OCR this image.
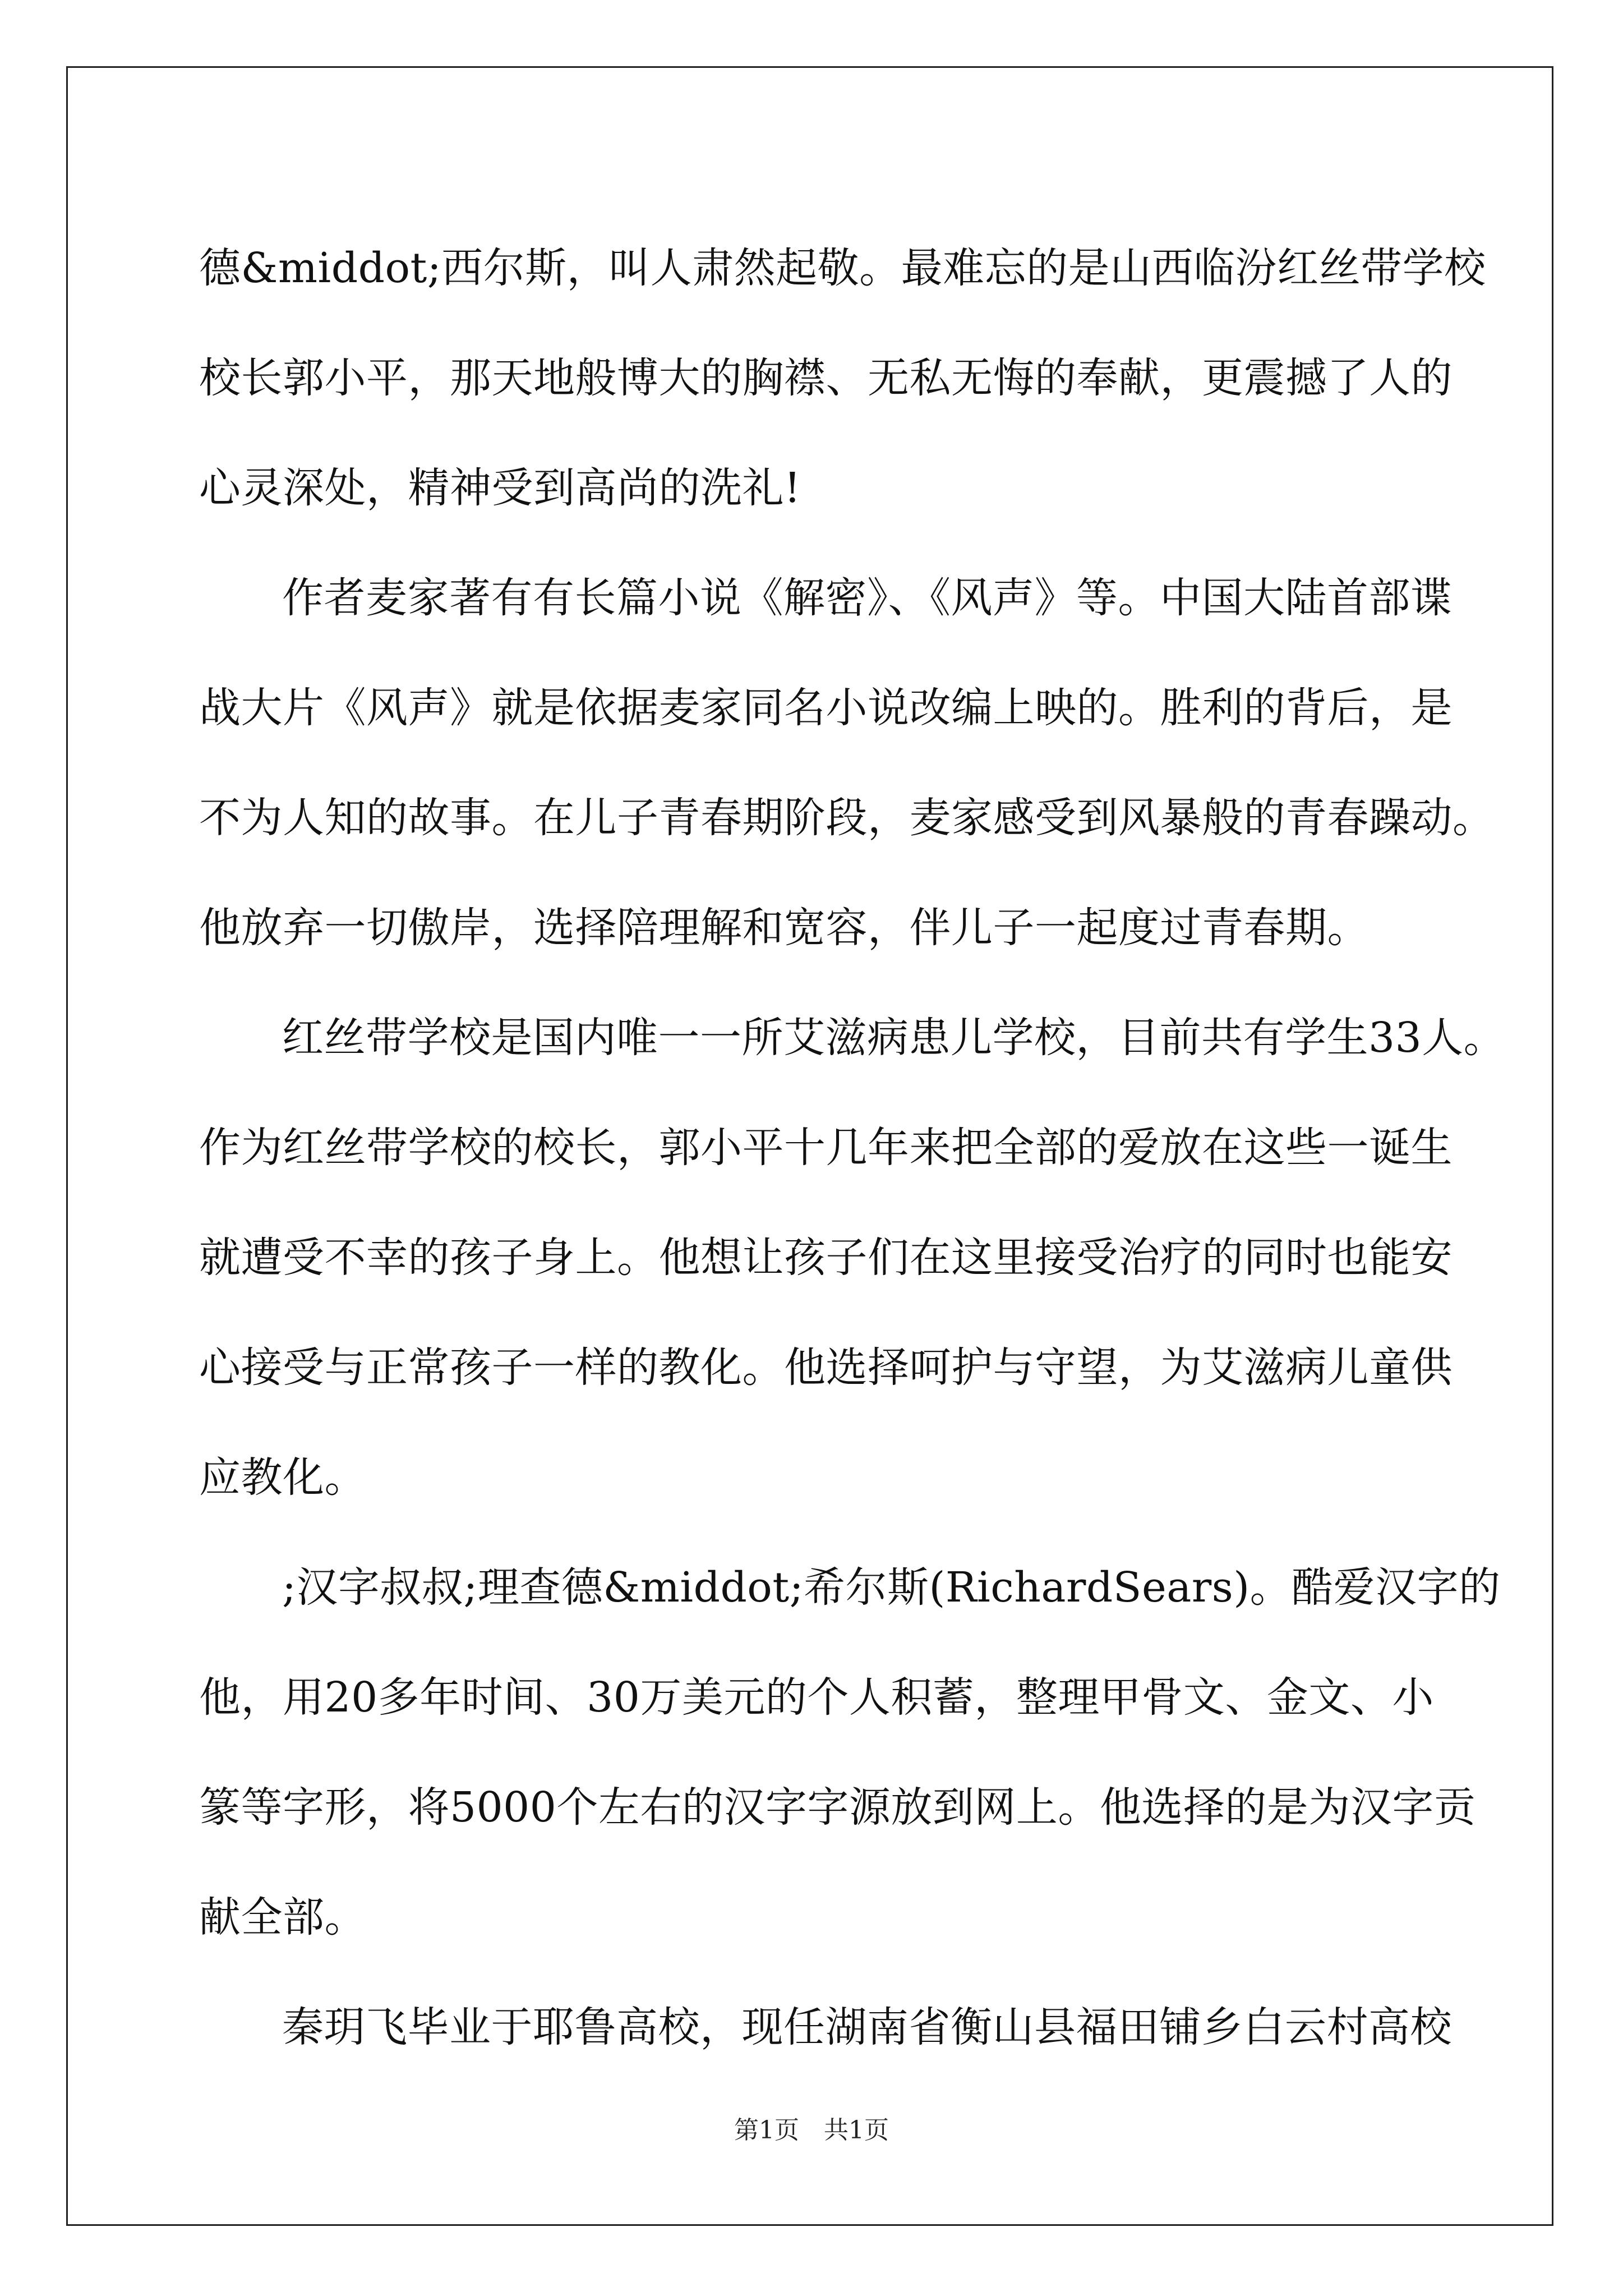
德&middot;西尔斯，叫人肃然起敬。最难忘的是山西临汾红丝带学校
校长郭小平，那天地般博大的胸襟、无私无悔的奉献，更震撼了人的
心灵深处，精神受到高尚的洗礼!
作者麦家著有有长篇小说《解密》、《风声》等。中国大陆首部谍
战大片《风声》就是依据麦家同名小说改编上映的。胜利的背后，是
不为人知的故事。在儿子青春期阶段，麦家感受到风暴般的青春躁动。
他放弃一切傲岸，选择陪理解和宽容，伴儿子一起度过青春期。
红丝带学校是国内唯一一所艾滋病患儿学校，目前共有学生33人。
作为红丝带学校的校长，郭小平十几年来把全部的爱放在这些一诞生
就遭受不幸的孩子身上。他想让孩子们在这里接受治疗的同时也能安
心接受与正常孩子一样的教化。他选择呵护与守望，为艾滋病儿童供
应教化。
;汉字叔叔;理查德&middot;希尔斯(RichardSears)。酷爱汉字的
他，用20多年时间、30万美元的个人积蓄，整理甲骨文、金文、小
篆等字形，将5000个左右的汉字字源放到网上。他选择的是为汉字贡
献全部。
秦玥飞毕业于耶鲁高校，现任湖南省衡山县福田铺乡白云村高校
第1页　共1页
